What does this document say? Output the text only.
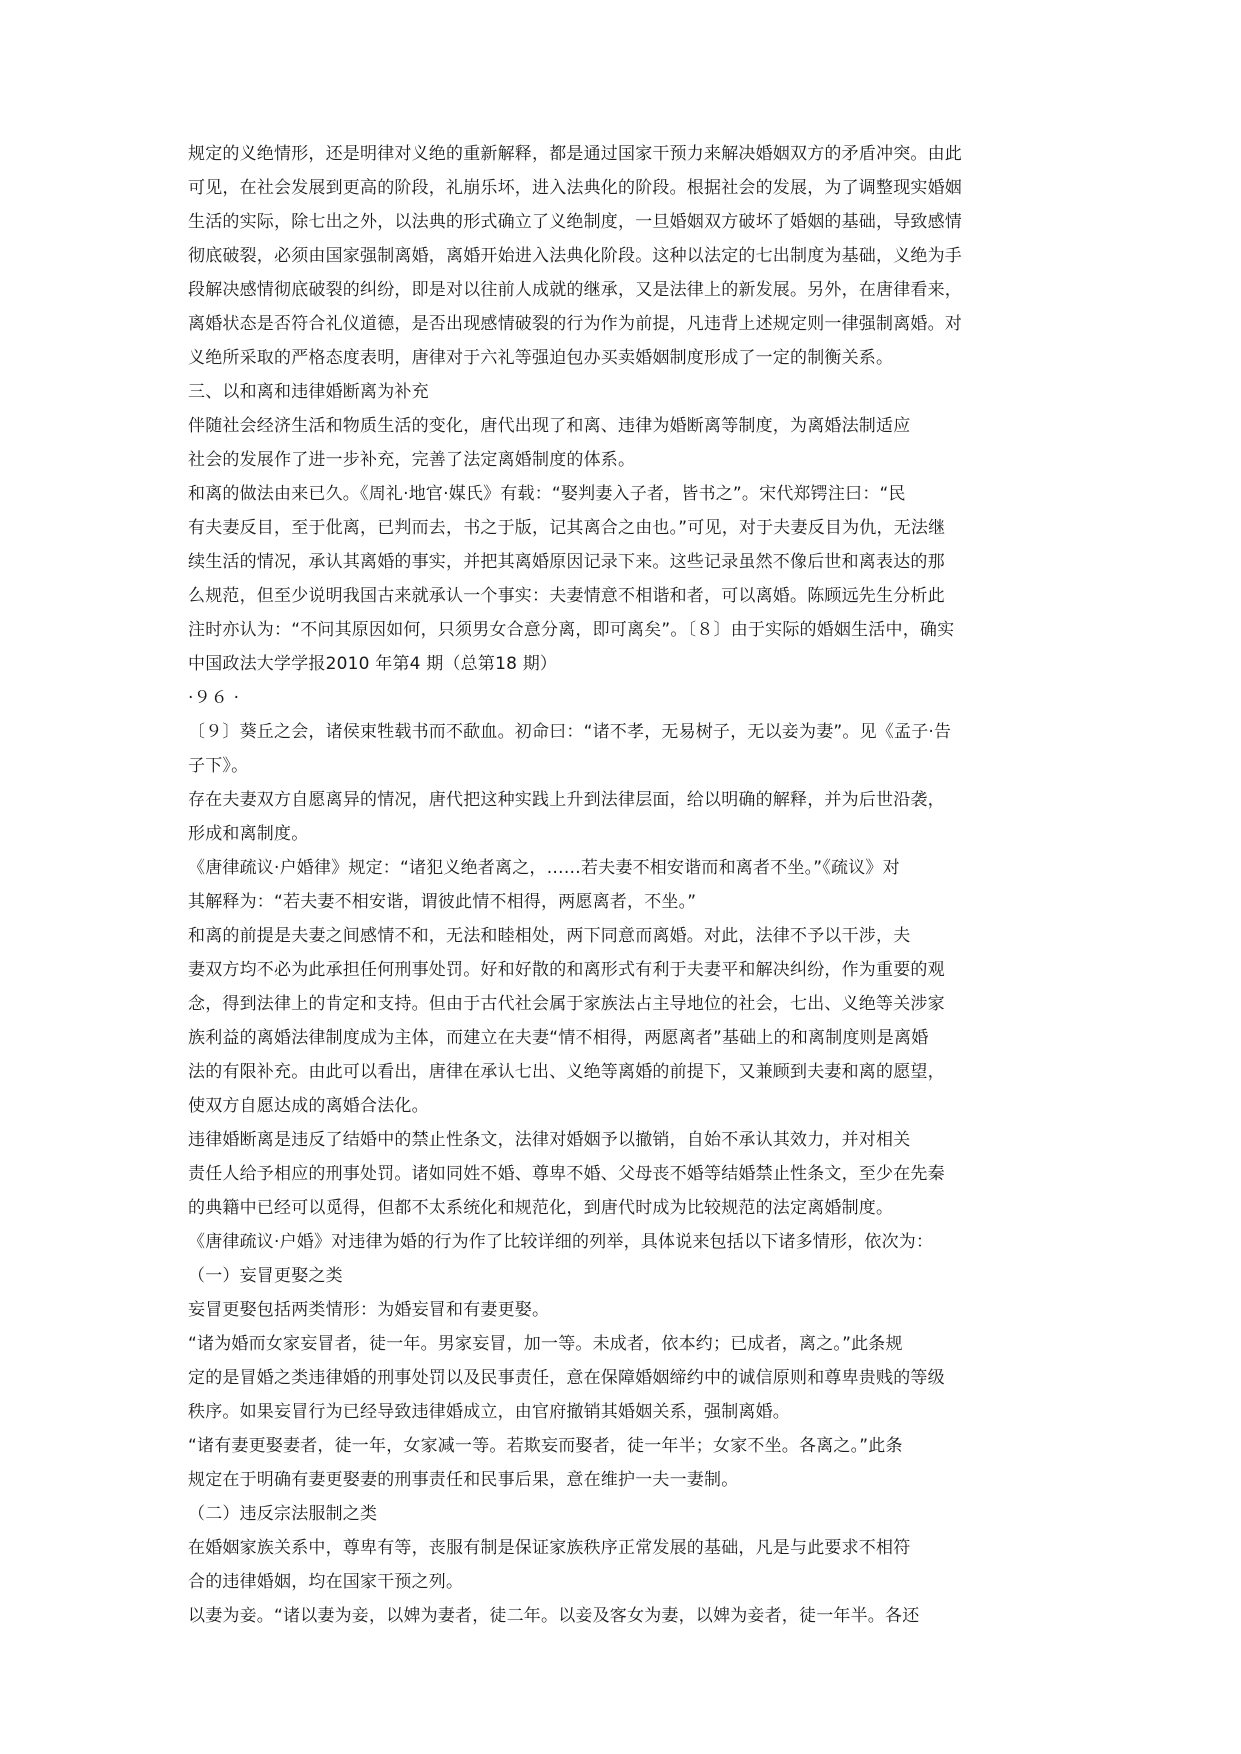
规定的义绝情形，还是明律对义绝的重新解释，都是通过国家干预力来解决婚姻双方的矛盾冲突。由此
可见，在社会发展到更高的阶段，礼崩乐坏，进入法典化的阶段。根据社会的发展，为了调整现实婚姻
生活的实际，除七出之外，以法典的形式确立了义绝制度，一旦婚姻双方破坏了婚姻的基础，导致感情
彻底破裂，必须由国家强制离婚，离婚开始进入法典化阶段。这种以法定的七出制度为基础，义绝为手
段解决感情彻底破裂的纠纷，即是对以往前人成就的继承，又是法律上的新发展。另外，在唐律看来，
离婚状态是否符合礼仪道德，是否出现感情破裂的行为作为前提，凡违背上述规定则一律强制离婚。对
义绝所采取的严格态度表明，唐律对于六礼等强迫包办买卖婚姻制度形成了一定的制衡关系。
三、以和离和违律婚断离为补充
伴随社会经济生活和物质生活的变化，唐代出现了和离、违律为婚断离等制度，为离婚法制适应
社会的发展作了进一步补充，完善了法定离婚制度的体系。
和离的做法由来已久。《周礼·地官·媒氏》有载：“娶判妻入子者，皆书之”。宋代郑锷注曰：“民
有夫妻反目，至于仳离，已判而去，书之于版，记其离合之由也。”可见，对于夫妻反目为仇，无法继
续生活的情况，承认其离婚的事实，并把其离婚原因记录下来。这些记录虽然不像后世和离表达的那
么规范，但至少说明我国古来就承认一个事实：夫妻情意不相谐和者，可以离婚。陈顾远先生分析此
注时亦认为：“不问其原因如何，只须男女合意分离，即可离矣”。〔８〕由于实际的婚姻生活中，确实
中国政法大学学报2010 年第4 期（总第18 期）
·９６ ·
〔９〕葵丘之会，诸侯束牲载书而不歃血。初命曰：“诸不孝，无易树子，无以妾为妻”。见《孟子·告
子下》。
存在夫妻双方自愿离异的情况，唐代把这种实践上升到法律层面，给以明确的解释，并为后世沿袭，
形成和离制度。
《唐律疏议·户婚律》规定：“诸犯义绝者离之，……若夫妻不相安谐而和离者不坐。”《疏议》对
其解释为：“若夫妻不相安谐，谓彼此情不相得，两愿离者，不坐。”
和离的前提是夫妻之间感情不和，无法和睦相处，两下同意而离婚。对此，法律不予以干涉，夫
妻双方均不必为此承担任何刑事处罚。好和好散的和离形式有利于夫妻平和解决纠纷，作为重要的观
念，得到法律上的肯定和支持。但由于古代社会属于家族法占主导地位的社会，七出、义绝等关涉家
族利益的离婚法律制度成为主体，而建立在夫妻“情不相得，两愿离者”基础上的和离制度则是离婚
法的有限补充。由此可以看出，唐律在承认七出、义绝等离婚的前提下，又兼顾到夫妻和离的愿望，
使双方自愿达成的离婚合法化。
违律婚断离是违反了结婚中的禁止性条文，法律对婚姻予以撤销，自始不承认其效力，并对相关
责任人给予相应的刑事处罚。诸如同姓不婚、尊卑不婚、父母丧不婚等结婚禁止性条文，至少在先秦
的典籍中已经可以觅得，但都不太系统化和规范化，到唐代时成为比较规范的法定离婚制度。
《唐律疏议·户婚》对违律为婚的行为作了比较详细的列举，具体说来包括以下诸多情形，依次为：
（一）妄冒更娶之类
妄冒更娶包括两类情形：为婚妄冒和有妻更娶。
“诸为婚而女家妄冒者，徒一年。男家妄冒，加一等。未成者，依本约；已成者，离之。”此条规
定的是冒婚之类违律婚的刑事处罚以及民事责任，意在保障婚姻缔约中的诚信原则和尊卑贵贱的等级
秩序。如果妄冒行为已经导致违律婚成立，由官府撤销其婚姻关系，强制离婚。
“诸有妻更娶妻者，徒一年，女家减一等。若欺妄而娶者，徒一年半；女家不坐。各离之。”此条
规定在于明确有妻更娶妻的刑事责任和民事后果，意在维护一夫一妻制。
（二）违反宗法服制之类
在婚姻家族关系中，尊卑有等，丧服有制是保证家族秩序正常发展的基础，凡是与此要求不相符
合的违律婚姻，均在国家干预之列。
以妻为妾。“诸以妻为妾，以婢为妻者，徒二年。以妾及客女为妻，以婢为妾者，徒一年半。各还
